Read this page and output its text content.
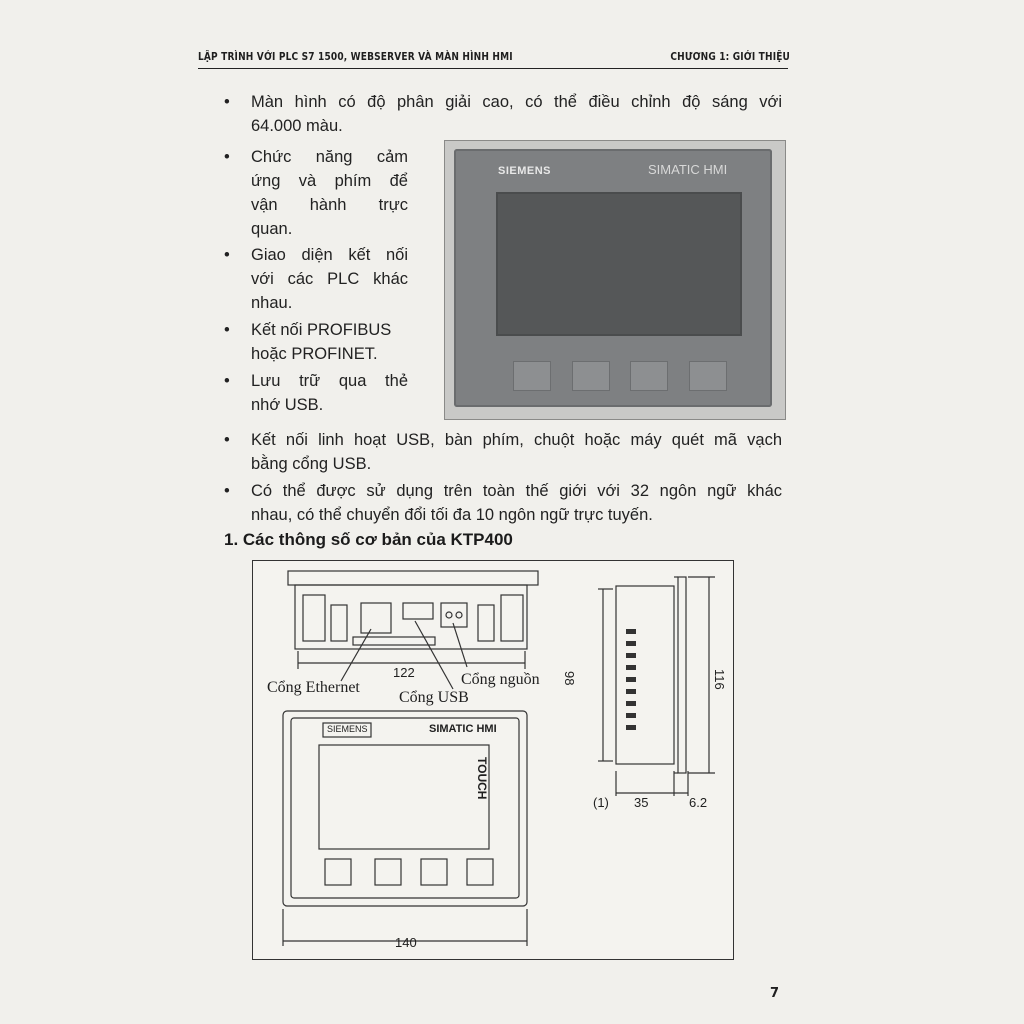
LẬP TRÌNH VỚI PLC S7 1500, WEBSERVER VÀ MÀN HÌNH HMI	CHƯƠNG 1: GIỚI THIỆU
•	Màn hình có độ phân giải cao, có thể điều chỉnh độ sáng với
64.000 màu.
•	Chức năng cảm
ứng và phím để
vận hành trực
quan.
•	Giao diện kết nối
với các PLC khác
nhau.
•	Kết nối PROFIBUS
hoặc PROFINET.
•	Lưu trữ qua thẻ
nhớ USB.
•	Kết nối linh hoạt USB, bàn phím, chuột hoặc máy quét mã vạch
bằng cổng USB.
•	Có thể được sử dụng trên toàn thế giới với 32 ngôn ngữ khác
nhau, có thể chuyển đổi tối đa 10 ngôn ngữ trực tuyến.
SIEMENS	SIMATIC HMI
1. Các thông số cơ bản của KTP400
122
Cổng Ethernet
Cổng USB
Cổng nguồn
SIEMENS	SIMATIC HMI
TOUCH
140
98	116
(1) 35	6.2
7
